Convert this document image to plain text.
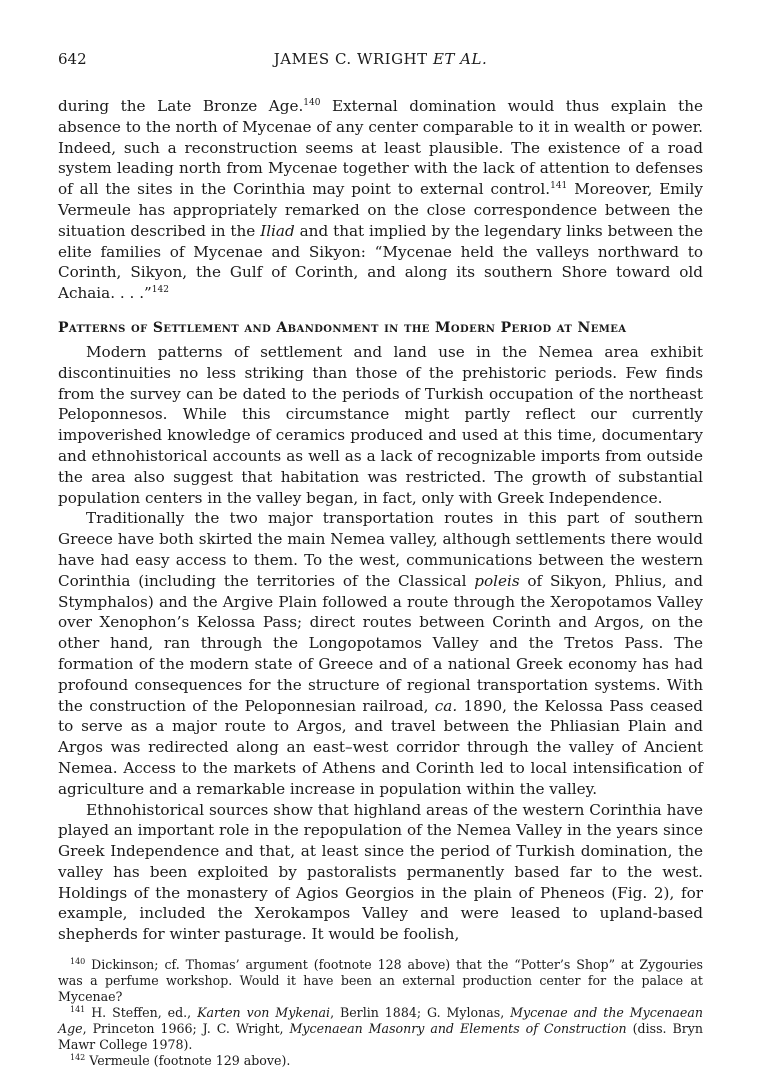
642	JAMES C. WRIGHT ET AL.

during the Late Bronze Age.$^{140}$ External domination would thus explain the absence to the north of Mycenae of any center comparable to it in wealth or power. Indeed, such a reconstruction seems at least plausible. The existence of a road system leading north from Mycenae together with the lack of attention to defenses of all the sites in the Corinthia may point to external control.$^{141}$ Moreover, Emily Vermeule has appropriately remarked on the close correspondence between the situation described in the Iliad and that implied by the legendary links between the elite families of Mycenae and Sikyon: “Mycenae held the valleys northward to Corinth, Sikyon, the Gulf of Corinth, and along its southern Shore toward old Achaia. . . .”$^{142}$

Patterns of Settlement and Abandonment in the Modern Period at Nemea

Modern patterns of settlement and land use in the Nemea area exhibit discontinuities no less striking than those of the prehistoric periods. Few finds from the survey can be dated to the periods of Turkish occupation of the northeast Peloponnesos. While this circumstance might partly reflect our currently impoverished knowledge of ceramics produced and used at this time, documentary and ethnohistorical accounts as well as a lack of recognizable imports from outside the area also suggest that habitation was restricted. The growth of substantial population centers in the valley began, in fact, only with Greek Independence.

Traditionally the two major transportation routes in this part of southern Greece have both skirted the main Nemea valley, although settlements there would have had easy access to them. To the west, communications between the western Corinthia (including the territories of the Classical poleis of Sikyon, Phlius, and Stymphalos) and the Argive Plain followed a route through the Xeropotamos Valley over Xenophon’s Kelossa Pass; direct routes between Corinth and Argos, on the other hand, ran through the Longopotamos Valley and the Tretos Pass. The formation of the modern state of Greece and of a national Greek economy has had profound consequences for the structure of regional transportation systems. With the construction of the Peloponnesian railroad, ca. 1890, the Kelossa Pass ceased to serve as a major route to Argos, and travel between the Phliasian Plain and Argos was redirected along an east–west corridor through the valley of Ancient Nemea. Access to the markets of Athens and Corinth led to local intensification of agriculture and a remarkable increase in population within the valley.

Ethnohistorical sources show that highland areas of the western Corinthia have played an important role in the repopulation of the Nemea Valley in the years since Greek Independence and that, at least since the period of Turkish domination, the valley has been exploited by pastoralists permanently based far to the west. Holdings of the monastery of Agios Georgios in the plain of Pheneos (Fig. 2), for example, included the Xerokampos Valley and were leased to upland-based shepherds for winter pasturage. It would be foolish,

$^{140}$ Dickinson; cf. Thomas’ argument (footnote 128 above) that the “Potter’s Shop” at Zygouries was a perfume workshop. Would it have been an external production center for the palace at Mycenae?

$^{141}$ H. Steffen, ed., Karten von Mykenai, Berlin 1884; G. Mylonas, Mycenae and the Mycenaean Age, Princeton 1966; J. C. Wright, Mycenaean Masonry and Elements of Construction (diss. Bryn Mawr College 1978).

$^{142}$ Vermeule (footnote 129 above).
